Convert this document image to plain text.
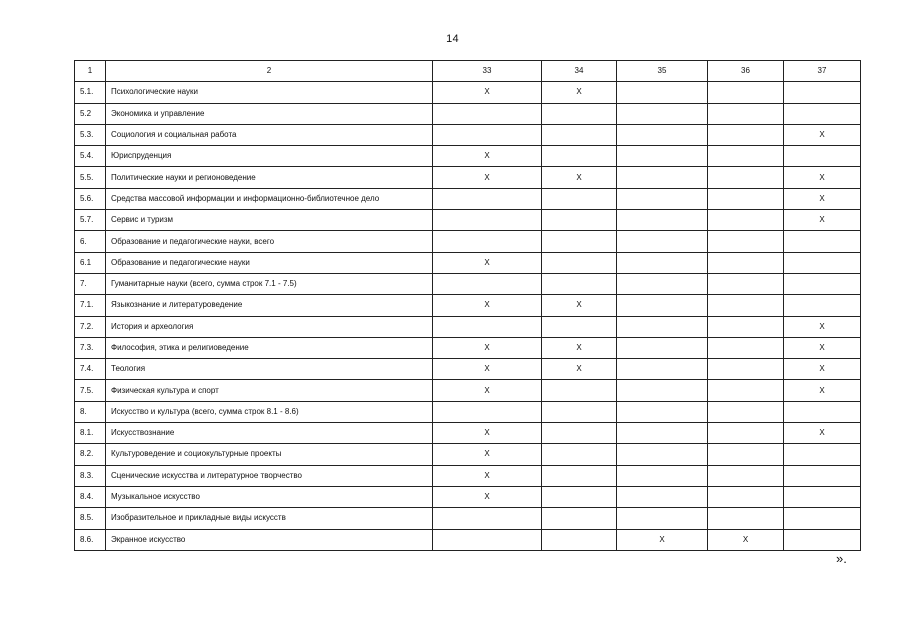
14
1	2	33	34	35	36	37
5.1.	Психологические науки	X	X			
5.2	Экономика и управление					
5.3.	Социология и социальная работа					X
5.4.	Юриспруденция	X				
5.5.	Политические науки и регионоведение	X	X			X
5.6.	Средства массовой информации и информационно-библиотечное дело					X
5.7.	Сервис и туризм					X
6.	Образование и педагогические науки, всего					
6.1	Образование и педагогические науки	X				
7.	Гуманитарные науки (всего, сумма строк 7.1 - 7.5)					
7.1.	Языкознание и литературоведение	X	X			
7.2.	История и археология					X
7.3.	Философия, этика и религиоведение	X	X			X
7.4.	Теология	X	X			X
7.5.	Физическая культура и спорт	X				X
8.	Искусство и культура (всего, сумма строк 8.1 - 8.6)					
8.1.	Искусствознание	X				X
8.2.	Культуроведение и социокультурные проекты	X				
8.3.	Сценические искусства и литературное творчество	X				
8.4.	Музыкальное искусство	X				
8.5.	Изобразительное и прикладные виды искусств					
8.6.	Экранное искусство			X	X	
».
